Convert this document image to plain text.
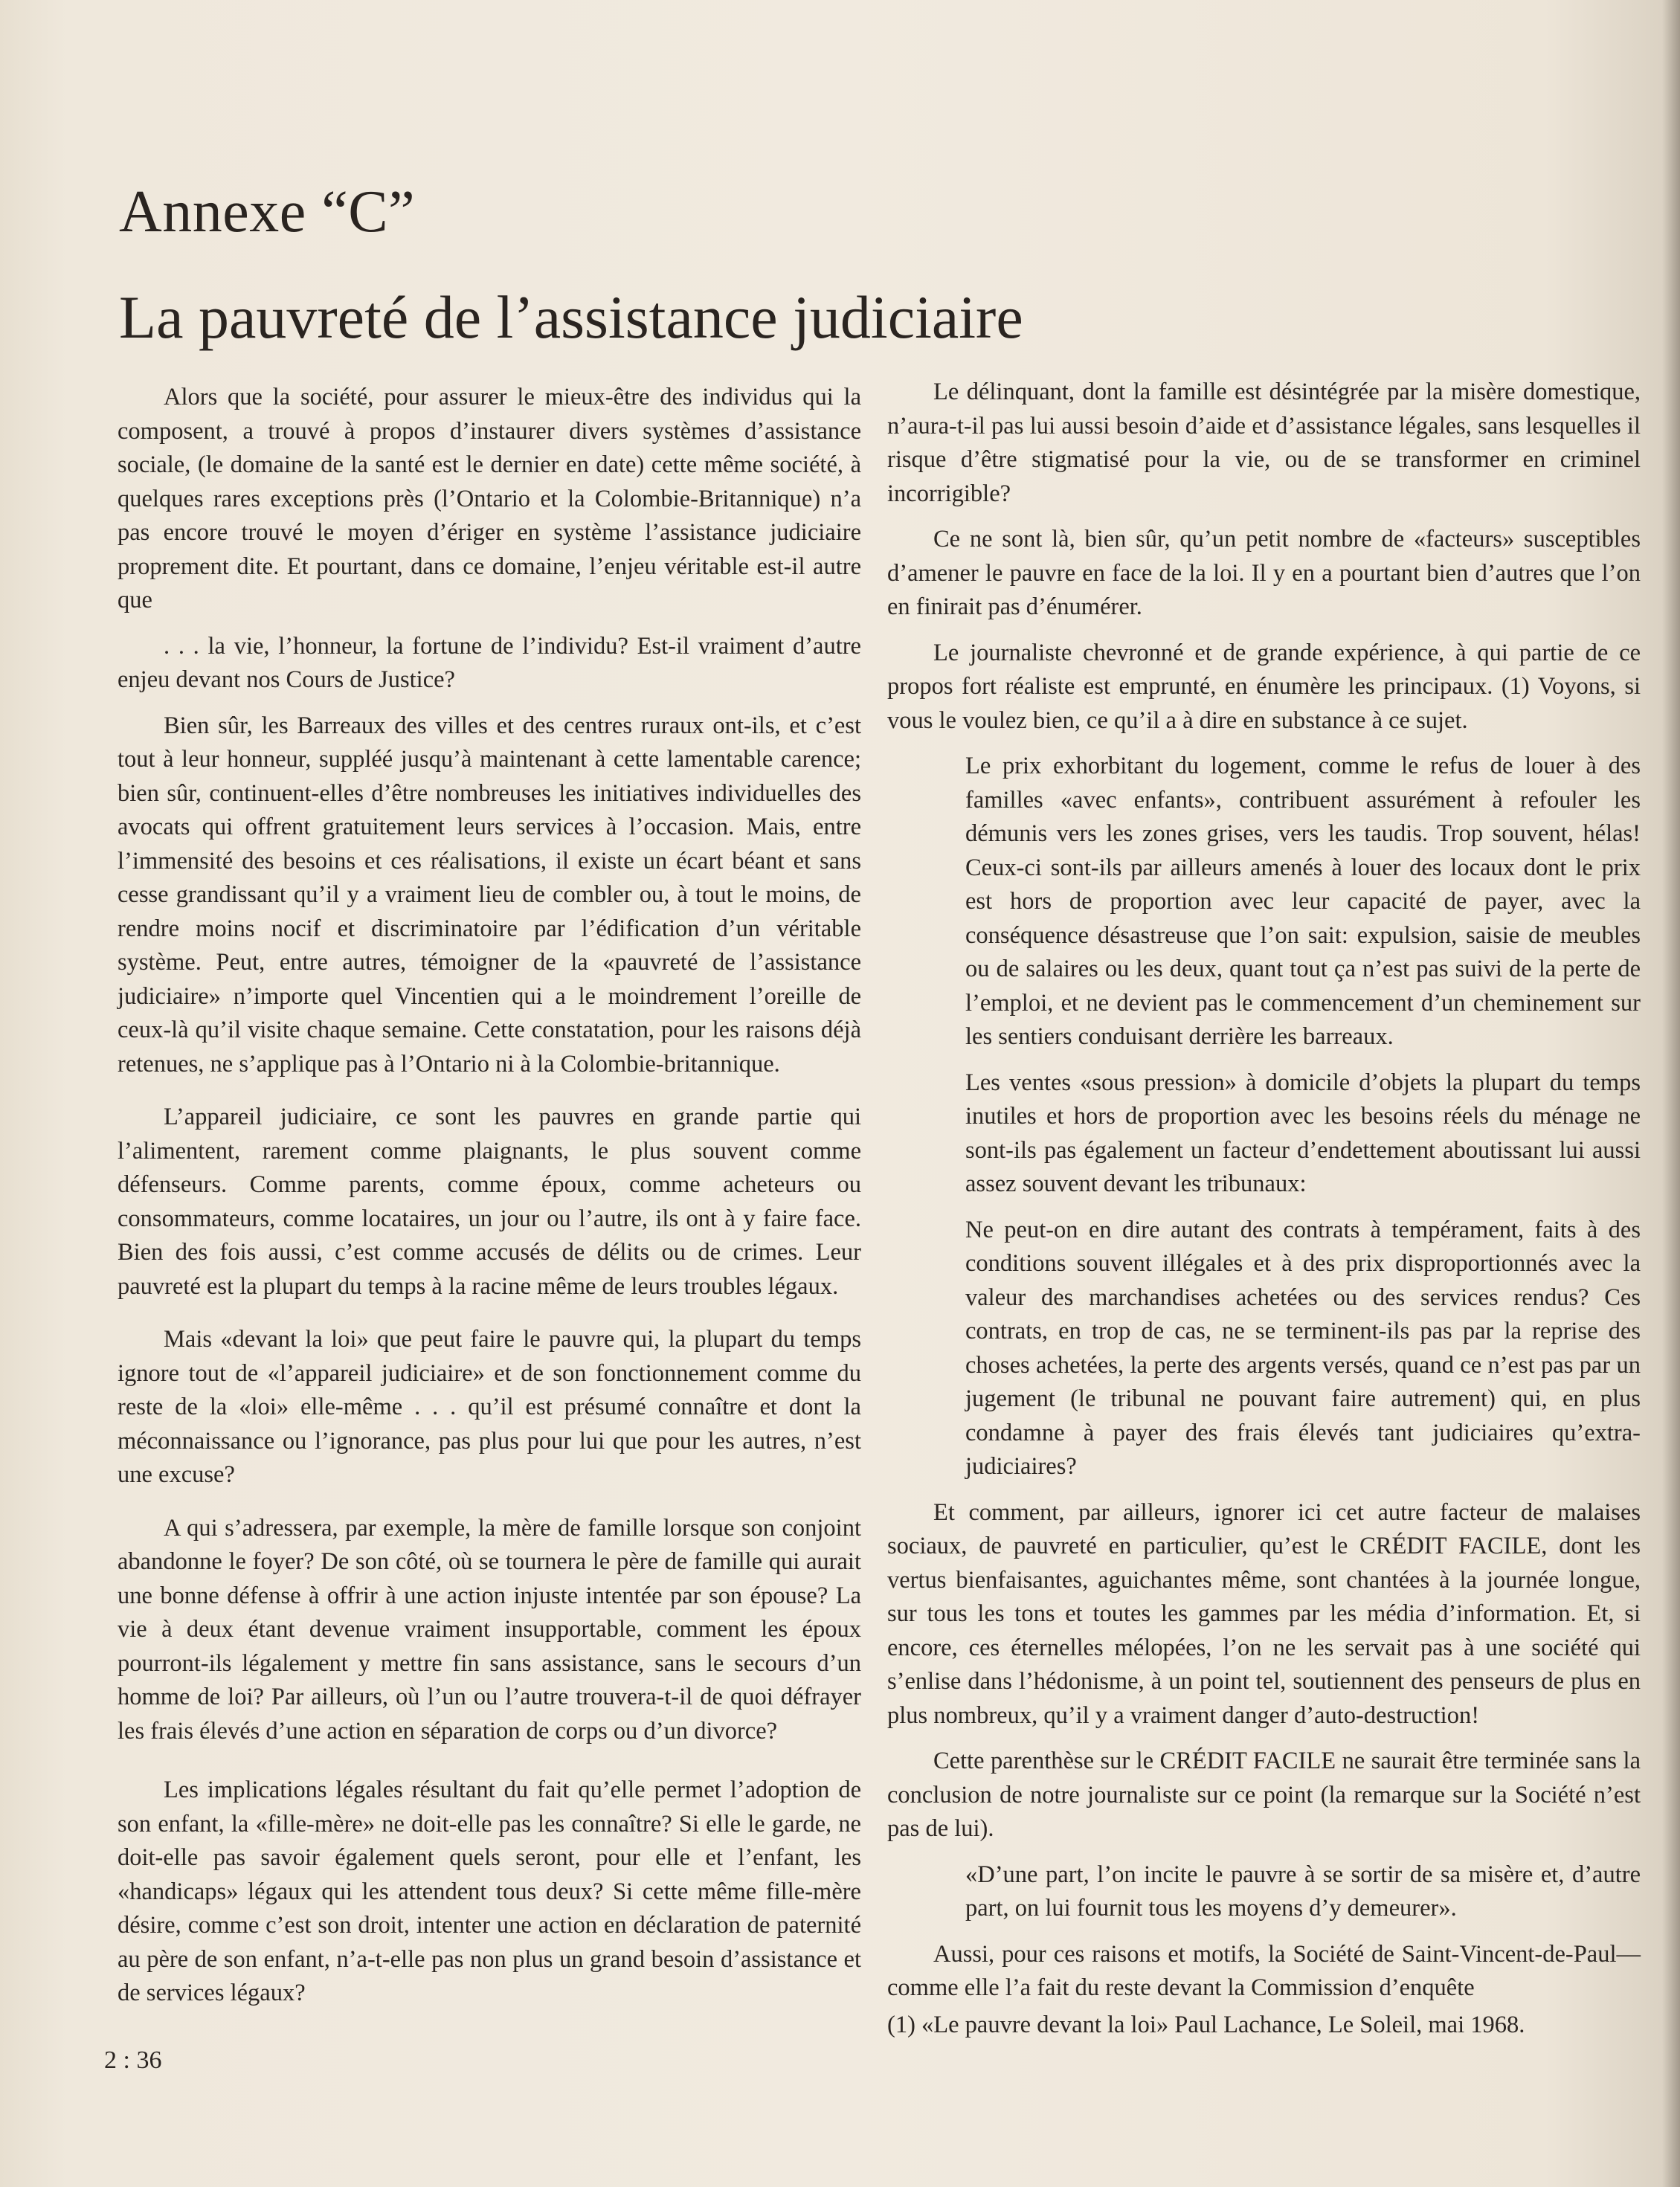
Annexe “C”
La pauvreté de l’assistance judiciaire

Alors que la société, pour assurer le mieux-être des individus qui la composent, a trouvé à propos d’instaurer divers systèmes d’assistance sociale, (le domaine de la santé est le dernier en date) cette même société, à quelques rares exceptions près (l’Ontario et la Colombie-Britannique) n’a pas encore trouvé le moyen d’ériger en système l’assistance judiciaire proprement dite. Et pourtant, dans ce domaine, l’enjeu véritable est-il autre que

. . . la vie, l’honneur, la fortune de l’individu? Est-il vraiment d’autre enjeu devant nos Cours de Justice?

Bien sûr, les Barreaux des villes et des centres ruraux ont-ils, et c’est tout à leur honneur, suppléé jusqu’à maintenant à cette lamentable carence; bien sûr, continuent-elles d’être nombreuses les initiatives individuelles des avocats qui offrent gratuitement leurs services à l’occasion. Mais, entre l’immensité des besoins et ces réalisations, il existe un écart béant et sans cesse grandissant qu’il y a vraiment lieu de combler ou, à tout le moins, de rendre moins nocif et discriminatoire par l’édification d’un véritable système. Peut, entre autres, témoigner de la «pauvreté de l’assistance judiciaire» n’importe quel Vincentien qui a le moindrement l’oreille de ceux-là qu’il visite chaque semaine. Cette constatation, pour les raisons déjà retenues, ne s’applique pas à l’Ontario ni à la Colombie-britannique.

L’appareil judiciaire, ce sont les pauvres en grande partie qui l’alimentent, rarement comme plaignants, le plus souvent comme défenseurs. Comme parents, comme époux, comme acheteurs ou consommateurs, comme locataires, un jour ou l’autre, ils ont à y faire face. Bien des fois aussi, c’est comme accusés de délits ou de crimes. Leur pauvreté est la plupart du temps à la racine même de leurs troubles légaux.

Mais «devant la loi» que peut faire le pauvre qui, la plupart du temps ignore tout de «l’appareil judiciaire» et de son fonctionnement comme du reste de la «loi» elle-même . . . qu’il est présumé connaître et dont la méconnaissance ou l’ignorance, pas plus pour lui que pour les autres, n’est une excuse?

A qui s’adressera, par exemple, la mère de famille lorsque son conjoint abandonne le foyer? De son côté, où se tournera le père de famille qui aurait une bonne défense à offrir à une action injuste intentée par son épouse? La vie à deux étant devenue vraiment insupportable, comment les époux pourront-ils légalement y mettre fin sans assistance, sans le secours d’un homme de loi? Par ailleurs, où l’un ou l’autre trouvera-t-il de quoi défrayer les frais élevés d’une action en séparation de corps ou d’un divorce?

Les implications légales résultant du fait qu’elle permet l’adoption de son enfant, la «fille-mère» ne doit-elle pas les connaître? Si elle le garde, ne doit-elle pas savoir également quels seront, pour elle et l’enfant, les «handicaps» légaux qui les attendent tous deux? Si cette même fille-mère désire, comme c’est son droit, intenter une action en déclaration de paternité au père de son enfant, n’a-t-elle pas non plus un grand besoin d’assistance et de services légaux?

Le délinquant, dont la famille est désintégrée par la misère domestique, n’aura-t-il pas lui aussi besoin d’aide et d’assistance légales, sans lesquelles il risque d’être stigmatisé pour la vie, ou de se transformer en criminel incorrigible?

Ce ne sont là, bien sûr, qu’un petit nombre de «facteurs» susceptibles d’amener le pauvre en face de la loi. Il y en a pourtant bien d’autres que l’on en finirait pas d’énumérer.

Le journaliste chevronné et de grande expérience, à qui partie de ce propos fort réaliste est emprunté, en énumère les principaux. (1) Voyons, si vous le voulez bien, ce qu’il a à dire en substance à ce sujet.

Le prix exhorbitant du logement, comme le refus de louer à des familles «avec enfants», contribuent assurément à refouler les démunis vers les zones grises, vers les taudis. Trop souvent, hélas! Ceux-ci sont-ils par ailleurs amenés à louer des locaux dont le prix est hors de proportion avec leur capacité de payer, avec la conséquence désastreuse que l’on sait: expulsion, saisie de meubles ou de salaires ou les deux, quant tout ça n’est pas suivi de la perte de l’emploi, et ne devient pas le commencement d’un cheminement sur les sentiers conduisant derrière les barreaux.

Les ventes «sous pression» à domicile d’objets la plupart du temps inutiles et hors de proportion avec les besoins réels du ménage ne sont-ils pas également un facteur d’endettement aboutissant lui aussi assez souvent devant les tribunaux:

Ne peut-on en dire autant des contrats à tempérament, faits à des conditions souvent illégales et à des prix disproportionnés avec la valeur des marchandises achetées ou des services rendus? Ces contrats, en trop de cas, ne se terminent-ils pas par la reprise des choses achetées, la perte des argents versés, quand ce n’est pas par un jugement (le tribunal ne pouvant faire autrement) qui, en plus condamne à payer des frais élevés tant judiciaires qu’extra-judiciaires?

Et comment, par ailleurs, ignorer ici cet autre facteur de malaises sociaux, de pauvreté en particulier, qu’est le CRÉDIT FACILE, dont les vertus bienfaisantes, aguichantes même, sont chantées à la journée longue, sur tous les tons et toutes les gammes par les média d’information. Et, si encore, ces éternelles mélopées, l’on ne les servait pas à une société qui s’enlise dans l’hédonisme, à un point tel, soutiennent des penseurs de plus en plus nombreux, qu’il y a vraiment danger d’auto-destruction!

Cette parenthèse sur le CRÉDIT FACILE ne saurait être terminée sans la conclusion de notre journaliste sur ce point (la remarque sur la Société n’est pas de lui).

«D’une part, l’on incite le pauvre à se sortir de sa misère et, d’autre part, on lui fournit tous les moyens d’y demeurer».

Aussi, pour ces raisons et motifs, la Société de Saint-Vincent-de-Paul—comme elle l’a fait du reste devant la Commission d’enquête

(1) «Le pauvre devant la loi» Paul Lachance, Le Soleil, mai 1968.

2 : 36
